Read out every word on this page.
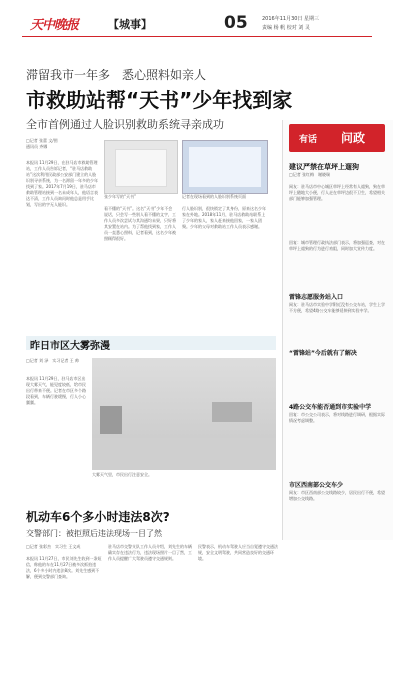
天中晚报	【城事】	05	2016年11月30日 星期三
责编 杨 帆 校对 刘 灵
滞留我市一年多　悉心照料如亲人
市救助站帮“天书”少年找到家
全市首例通过人脸识别救助系统寻亲成功
□记者 张蕾 文/图
通讯员 齐娜
本报讯 11月29日，在驻马店市救助管理站，工作人员告诉记者，“驻马店救助站”这次利用民政部公安部门建立的人脸识别寻亲系统，为一名滞留一年多的少年找到了家。2017年7月19日，驻马店市救助管理站接到一名未成年人，他语言表达不清，工作人员询问时他总是用手比划，写出的字无人能识。
张少年写的“天书”	记者在现场看到的人脸识别系统页面
看不懂的“天书”。这名“天书”少年不会说话，只会写一些别人看不懂的文字，工作人员多次尝试与其沟通均未果，只好将其安置在站内。为了帮他找到家，工作人员一直悉心照料，记者看到，这名少年被照顾得很好。
行人脸识别，很快锁定了其身份，原来这名少年家在外地。2018年11月，驻马店救助站联系上了少年的家人，家人赶来接他回家，一家人团聚。少年的父母对救助站工作人员表示感谢。
有话 问政
建议严禁在草坪上遛狗
□记者 张红梅　谢晓瑞
网友：驻马店市中心城区草坪上经常有人遛狗，狗在草坪上随地大小便，行人走在草坪边很不卫生，希望相关部门能够加强管理。
回复：城市管理行政执法部门表示，将加强巡查，对在草坪上遛狗的行为进行劝阻，同时加大宣传力度。
雷锋志愿服务站入口
网友：驻马店市实验中学附近没有公交车站，学生上学不方便，希望4路公交车能够延伸到实验中学。
“雷锋站”今后就有了解决
4路公交车能否通到市实验中学
回复：市公交公司表示，将对线路进行调研，根据实际情况考虑调整。
市区西南部公交车少
网友：市区西南部公交线路较少，居民出行不便，希望增加公交线路。
昨日市区大雾弥漫
□记者 刘 泽　实习记者 王 帅
本报讯 11月29日，驻马店市区出现大雾天气，能见度较低，给市民出行带来不便。记者在市区多个路段看到，车辆行驶缓慢，行人小心翼翼。
大雾天气里，市民出行注意安全。
机动车6个多小时违法8次?
交警部门：被拒照后违法现场一目了然
□记者 张彩杰　实习生 王文成
本报讯 11月27日，市民刘先生收到一条短信，称他的车在11月27日被多次抓拍违法，6个多小时内违法8次。刘先生感到不解，便到交警部门查询。
驻马店市交警支队工作人员介绍，刘先生的车辆确实存在违法行为，违法现场照片一目了然，工作人员提醒广大驾驶员遵守交通规则。
民警表示，机动车驾驶人应当自觉遵守交通法规，安全文明驾驶，共同营造良好的交通环境。
